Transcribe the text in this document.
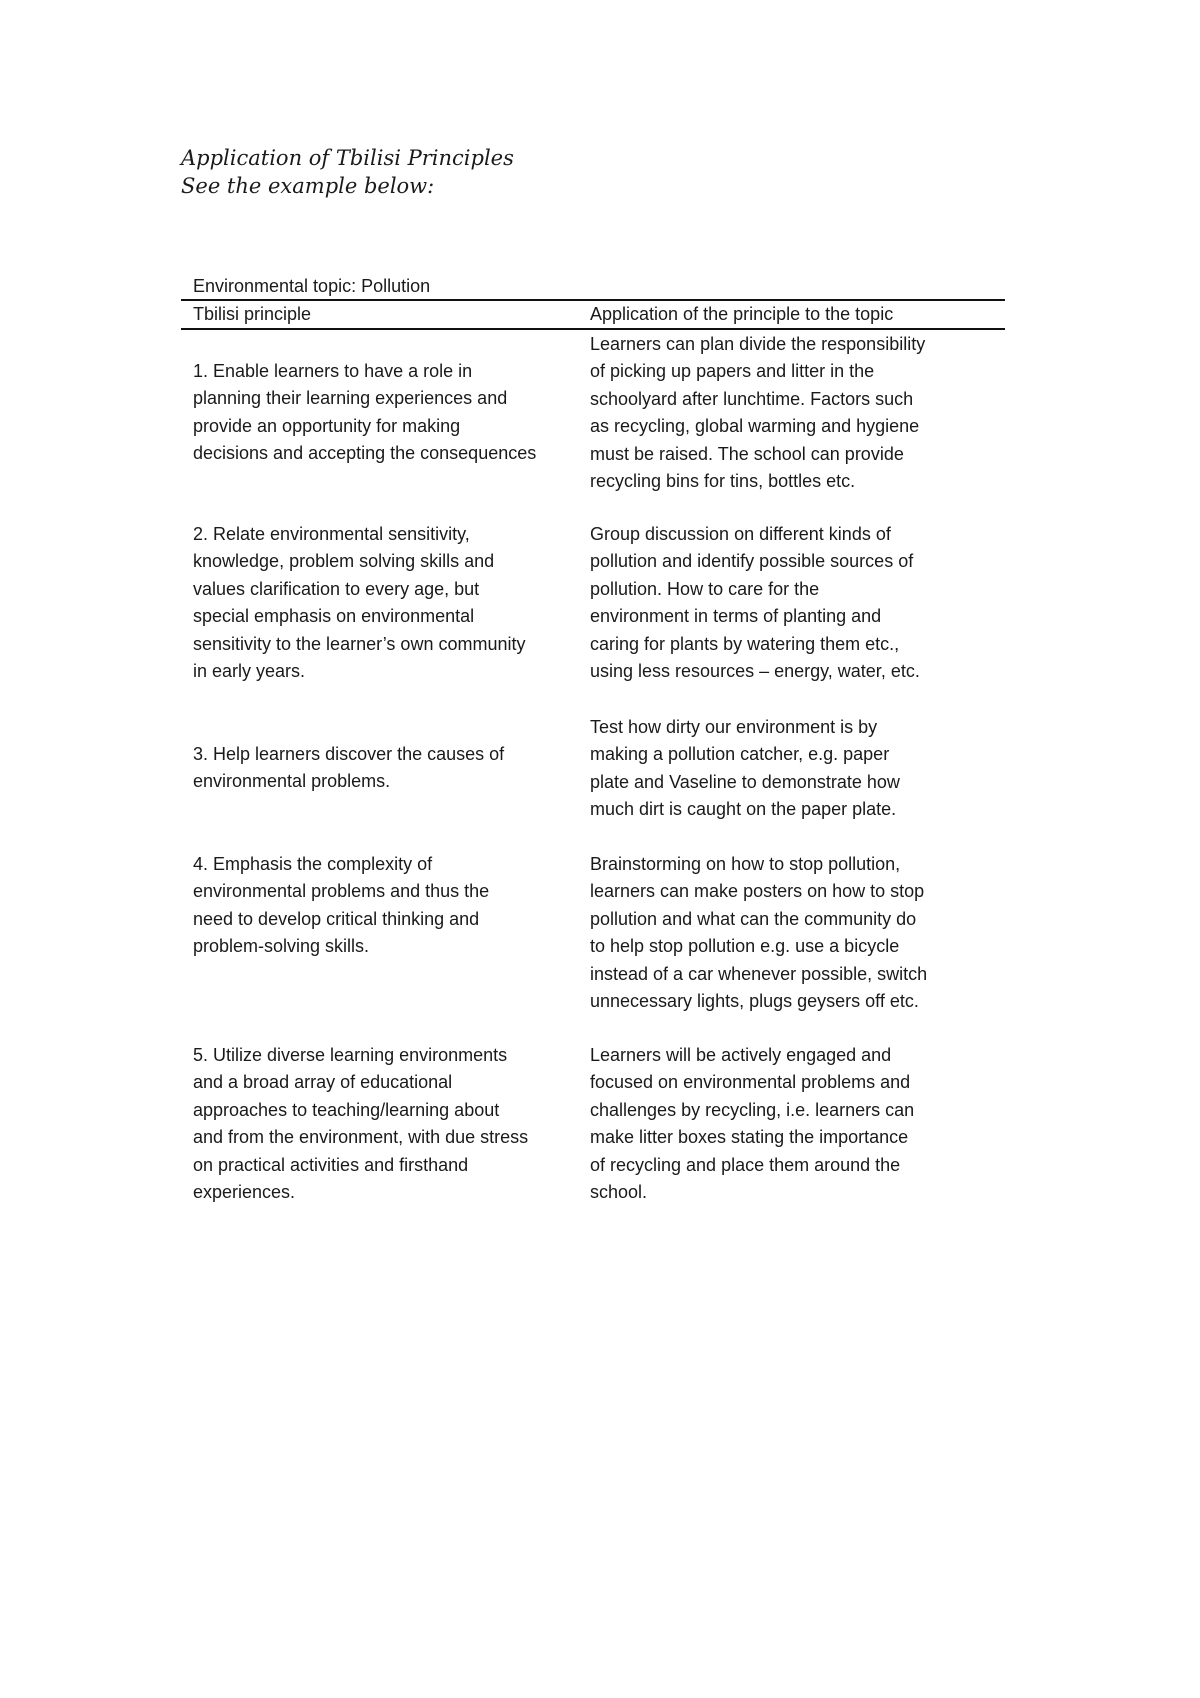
Application of Tbilisi Principles
See the example below:
Environmental topic: Pollution
Tbilisi principle	Application of the principle to the topic
1. Enable learners to have a role in
planning their learning experiences and
provide an opportunity for making
decisions and accepting the consequences
Learners can plan divide the responsibility
of picking up papers and litter in the
schoolyard after lunchtime. Factors such
as recycling, global warming and hygiene
must be raised. The school can provide
recycling bins for tins, bottles etc.
2. Relate environmental sensitivity,
knowledge, problem solving skills and
values clarification to every age, but
special emphasis on environmental
sensitivity to the learner’s own community
in early years.
Group discussion on different kinds of
pollution and identify possible sources of
pollution. How to care for the
environment in terms of planting and
caring for plants by watering them etc.,
using less resources – energy, water, etc.
3. Help learners discover the causes of
environmental problems.
Test how dirty our environment is by
making a pollution catcher, e.g. paper
plate and Vaseline to demonstrate how
much dirt is caught on the paper plate.
4. Emphasis the complexity of
environmental problems and thus the
need to develop critical thinking and
problem-solving skills.
Brainstorming on how to stop pollution,
learners can make posters on how to stop
pollution and what can the community do
to help stop pollution e.g. use a bicycle
instead of a car whenever possible, switch
unnecessary lights, plugs geysers off etc.
5. Utilize diverse learning environments
and a broad array of educational
approaches to teaching/learning about
and from the environment, with due stress
on practical activities and firsthand
experiences.
Learners will be actively engaged and
focused on environmental problems and
challenges by recycling, i.e. learners can
make litter boxes stating the importance
of recycling and place them around the
school.
